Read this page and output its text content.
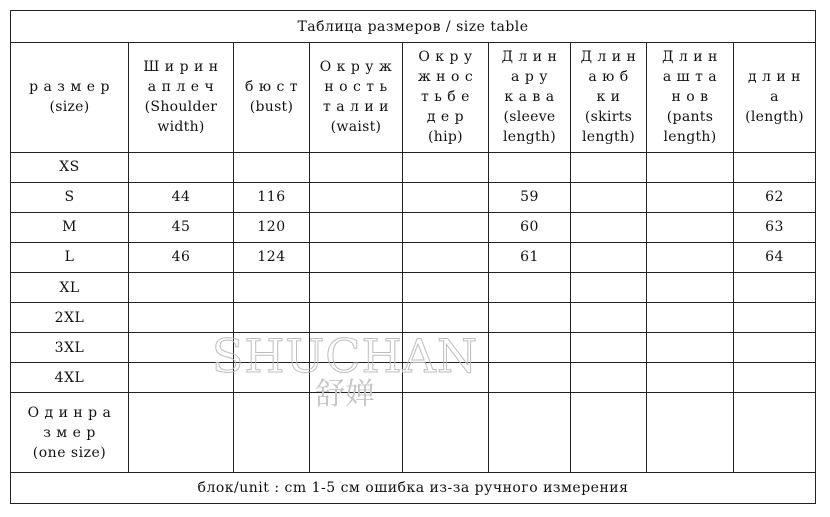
Таблица размеров / size table								

р а з м е р
(size)	Ш и р и н
а п л е ч
(Shoulder
width)	б ю с т
(bust)	О к р у ж
н о с т ь
т а л и и
(waist)	О к р у
ж н о с
т ь б е
д е р
(hip)	Д л и н
а р у
к а в а
(sleeve
length)	Д л и н
а ю б
к и
(skirts
length)	Д л и н
а ш т а
н о в
(pants
length)	д л и н
а
(length)

XS								
S	44	116			59			62
M	45	120			60			63
L	46	124			61			64
XL								
2XL								
3XL								
4XL								

О д и н р а
з м е р
(one size)								

блок/unit : cm 1-5 см ошибка из-за ручного измерения								
SHUCHAN
舒婵
